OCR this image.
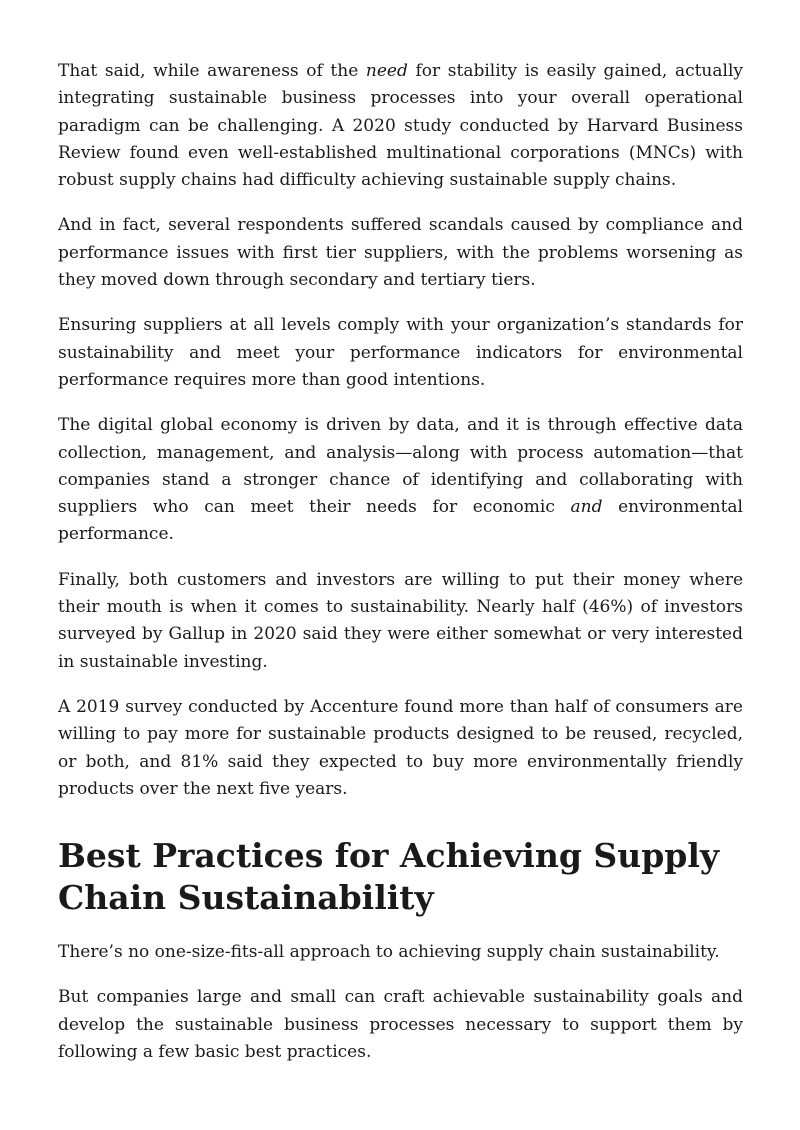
That said, while awareness of the need for stability is easily gained, actually integrating sustainable business processes into your overall operational paradigm can be challenging. A 2020 study conducted by Harvard Business Review found even well-established multinational corporations (MNCs) with robust supply chains had difficulty achieving sustainable supply chains.

And in fact, several respondents suffered scandals caused by compliance and performance issues with first tier suppliers, with the problems worsening as they moved down through secondary and tertiary tiers.

Ensuring suppliers at all levels comply with your organization’s standards for sustainability and meet your performance indicators for environmental performance requires more than good intentions.

The digital global economy is driven by data, and it is through effective data collection, management, and analysis—along with process automation—that companies stand a stronger chance of identifying and collaborating with suppliers who can meet their needs for economic and environmental performance.

Finally, both customers and investors are willing to put their money where their mouth is when it comes to sustainability. Nearly half (46%) of investors surveyed by Gallup in 2020 said they were either somewhat or very interested in sustainable investing.

A 2019 survey conducted by Accenture found more than half of consumers are willing to pay more for sustainable products designed to be reused, recycled, or both, and 81% said they expected to buy more environmentally friendly products over the next five years.

Best Practices for Achieving Supply Chain Sustainability

There’s no one-size-fits-all approach to achieving supply chain sustainability.

But companies large and small can craft achievable sustainability goals and develop the sustainable business processes necessary to support them by following a few basic best practices.
